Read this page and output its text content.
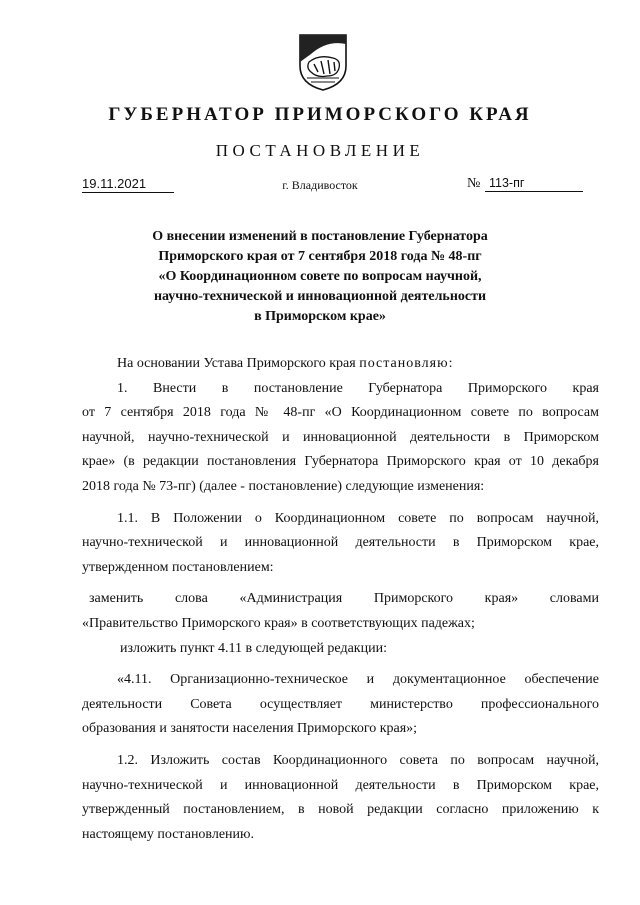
ГУБЕРНАТОР ПРИМОРСКОГО КРАЯ
ПОСТАНОВЛЕНИЕ
19.11.2021	г. Владивосток	№ 113-пг
О внесении изменений в постановление Губернатора
Приморского края от 7 сентября 2018 года № 48-пг
«О Координационном совете по вопросам научной,
научно-технической и инновационной деятельности
в Приморском крае»
На основании Устава Приморского края постановляю:
1. Внести в постановление Губернатора Приморского края
от 7 сентября 2018 года № 48-пг «О Координационном совете по вопросам
научной, научно-технической и инновационной деятельности в Приморском
крае» (в редакции постановления Губернатора Приморского края от 10 декабря
2018 года № 73-пг) (далее - постановление) следующие изменения:
1.1. В Положении о Координационном совете по вопросам научной,
научно-технической и инновационной деятельности в Приморском крае,
утвержденном постановлением:
заменить слова «Администрация Приморского края» словами
«Правительство Приморского края» в соответствующих падежах;
изложить пункт 4.11 в следующей редакции:
«4.11. Организационно-техническое и документационное обеспечение
деятельности Совета осуществляет министерство профессионального
образования и занятости населения Приморского края»;
1.2. Изложить состав Координационного совета по вопросам научной,
научно-технической и инновационной деятельности в Приморском крае,
утвержденный постановлением, в новой редакции согласно приложению к
настоящему постановлению.
